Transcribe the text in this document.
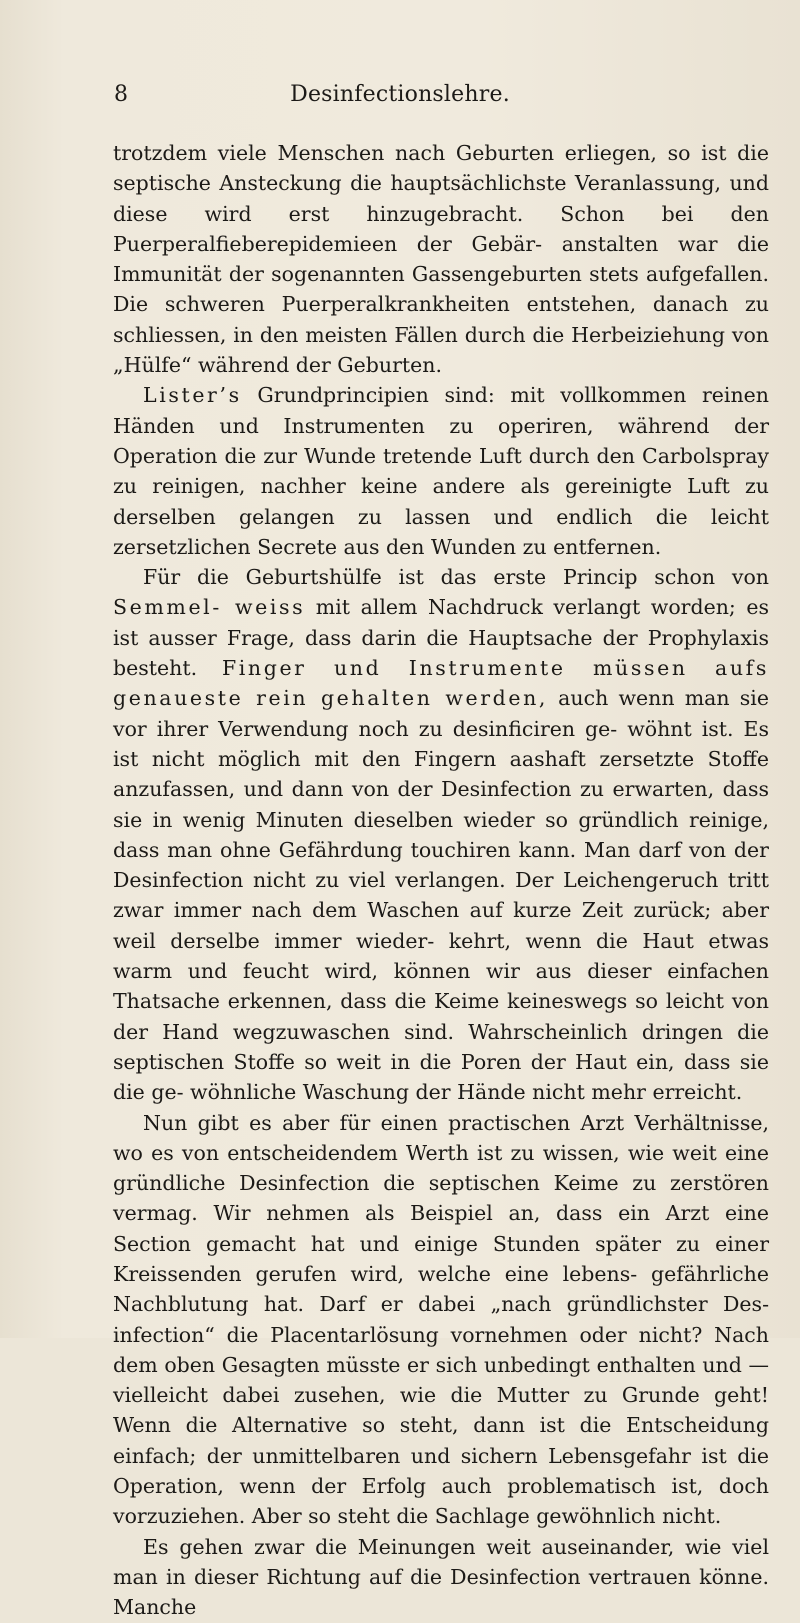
8	Desinfectionslehre.

trotzdem viele Menschen nach Geburten erliegen, so ist die septische Ansteckung die hauptsächlichste Veranlassung, und diese wird erst hinzugebracht. Schon bei den Puerperalfieberepidemieen der Gebär- anstalten war die Immunität der sogenannten Gassengeburten stets aufgefallen. Die schweren Puerperalkrankheiten entstehen, danach zu schliessen, in den meisten Fällen durch die Herbeiziehung von „Hülfe“ während der Geburten.

Lister’s Grundprincipien sind: mit vollkommen reinen Händen und Instrumenten zu operiren, während der Operation die zur Wunde tretende Luft durch den Carbolspray zu reinigen, nachher keine andere als gereinigte Luft zu derselben gelangen zu lassen und endlich die leicht zersetzlichen Secrete aus den Wunden zu entfernen.

Für die Geburtshülfe ist das erste Princip schon von Semmel- weiss mit allem Nachdruck verlangt worden; es ist ausser Frage, dass darin die Hauptsache der Prophylaxis besteht. Finger und Instrumente müssen aufs genaueste rein gehalten werden, auch wenn man sie vor ihrer Verwendung noch zu desinficiren ge- wöhnt ist. Es ist nicht möglich mit den Fingern aashaft zersetzte Stoffe anzufassen, und dann von der Desinfection zu erwarten, dass sie in wenig Minuten dieselben wieder so gründlich reinige, dass man ohne Gefährdung touchiren kann. Man darf von der Desinfection nicht zu viel verlangen. Der Leichengeruch tritt zwar immer nach dem Waschen auf kurze Zeit zurück; aber weil derselbe immer wieder- kehrt, wenn die Haut etwas warm und feucht wird, können wir aus dieser einfachen Thatsache erkennen, dass die Keime keineswegs so leicht von der Hand wegzuwaschen sind. Wahrscheinlich dringen die septischen Stoffe so weit in die Poren der Haut ein, dass sie die ge- wöhnliche Waschung der Hände nicht mehr erreicht.

Nun gibt es aber für einen practischen Arzt Verhältnisse, wo es von entscheidendem Werth ist zu wissen, wie weit eine gründliche Desinfection die septischen Keime zu zerstören vermag. Wir nehmen als Beispiel an, dass ein Arzt eine Section gemacht hat und einige Stunden später zu einer Kreissenden gerufen wird, welche eine lebens- gefährliche Nachblutung hat. Darf er dabei „nach gründlichster Des- infection“ die Placentarlösung vornehmen oder nicht? Nach dem oben Gesagten müsste er sich unbedingt enthalten und — vielleicht dabei zusehen, wie die Mutter zu Grunde geht! Wenn die Alternative so steht, dann ist die Entscheidung einfach; der unmittelbaren und sichern Lebensgefahr ist die Operation, wenn der Erfolg auch problematisch ist, doch vorzuziehen. Aber so steht die Sachlage gewöhnlich nicht.

Es gehen zwar die Meinungen weit auseinander, wie viel man in dieser Richtung auf die Desinfection vertrauen könne. Manche
